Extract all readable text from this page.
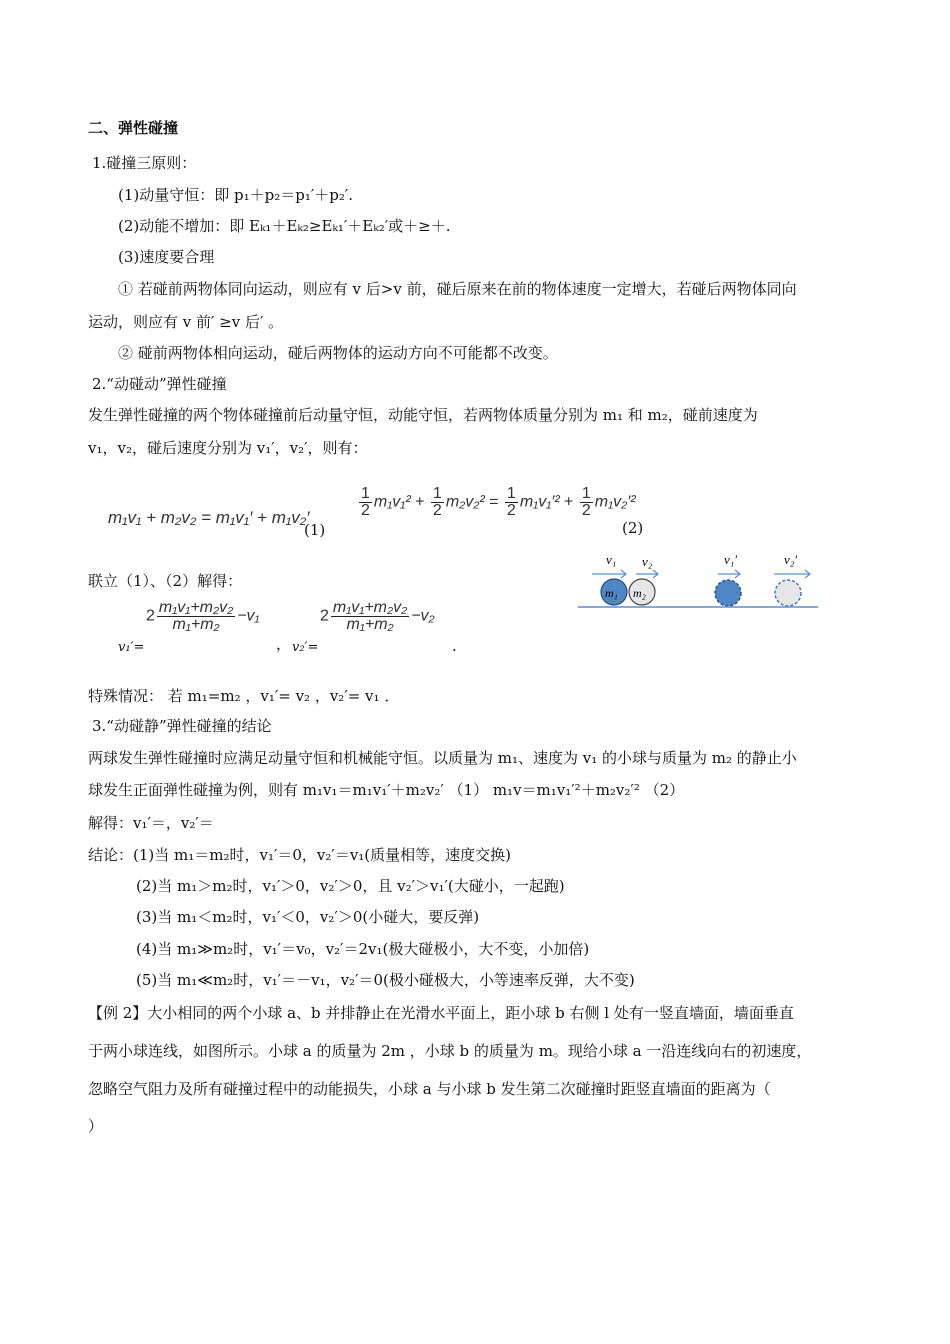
二、弹性碰撞
1.碰撞三原则：
(1)动量守恒：即 p₁＋p₂＝p₁′＋p₂′.
(2)动能不增加：即 Eₖ₁＋Eₖ₂≥Eₖ₁′＋Eₖ₂′或＋≥＋.
(3)速度要合理
① 若碰前两物体同向运动，则应有 v 后>v 前，碰后原来在前的物体速度一定增大，若碰后两物体同向
运动，则应有 v 前′ ≥v 后′ 。
② 碰前两物体相向运动，碰后两物体的运动方向不可能都不改变。
2.“动碰动”弹性碰撞
发生弹性碰撞的两个物体碰撞前后动量守恒，动能守恒，若两物体质量分别为 m₁ 和 m₂，碰前速度为
v₁，v₂，碰后速度分别为 v₁′，v₂′，则有：
m₁v₁ + m₂v₂ = m₁v₁′ + m₁v₂′
(1)
$\frac{1}{2} m_1v_1^2 + \frac{1}{2} m_2v_2^2 = \frac{1}{2} m_1v_1'^2 + \frac{1}{2} m_1v_2'^2$
(2)
v₁ v₂	v₁′	v₂′
m₁ m₂
联立（1）、（2）解得：
v₁′=
$2 \frac{\text{m₁v₁+m₂v₂}}{\text{m₁+m₂}} -v_1$
， v₂′=
$2 \frac{\text{m₁v₁+m₂v₂}}{\text{m₁+m₂}} -v_2$
.
特殊情况： 若 m₁=m₂ ，v₁′= v₂ ，v₂′= v₁ ．
3.“动碰静”弹性碰撞的结论
两球发生弹性碰撞时应满足动量守恒和机械能守恒。以质量为 m₁、速度为 v₁ 的小球与质量为 m₂ 的静止小
球发生正面弹性碰撞为例，则有 m₁v₁＝m₁v₁′＋m₂v₂′ （1） m₁v＝m₁v₁′²＋m₂v₂′² （2）
解得：v₁′＝，v₂′＝
结论：(1)当 m₁＝m₂时，v₁′＝0，v₂′＝v₁(质量相等，速度交换)
(2)当 m₁＞m₂时，v₁′＞0，v₂′＞0，且 v₂′＞v₁′(大碰小，一起跑)
(3)当 m₁＜m₂时，v₁′＜0，v₂′＞0(小碰大，要反弹)
(4)当 m₁≫m₂时，v₁′＝v₀，v₂′＝2v₁(极大碰极小，大不变，小加倍)
(5)当 m₁≪m₂时，v₁′＝－v₁，v₂′＝0(极小碰极大，小等速率反弹，大不变)
【例 2】大小相同的两个小球 a、b 并排静止在光滑水平面上，距小球 b 右侧 l 处有一竖直墙面，墙面垂直
于两小球连线，如图所示。小球 a 的质量为 2m ，小球 b 的质量为 m。现给小球 a 一沿连线向右的初速度，
忽略空气阻力及所有碰撞过程中的动能损失，小球 a 与小球 b 发生第二次碰撞时距竖直墙面的距离为（
）
